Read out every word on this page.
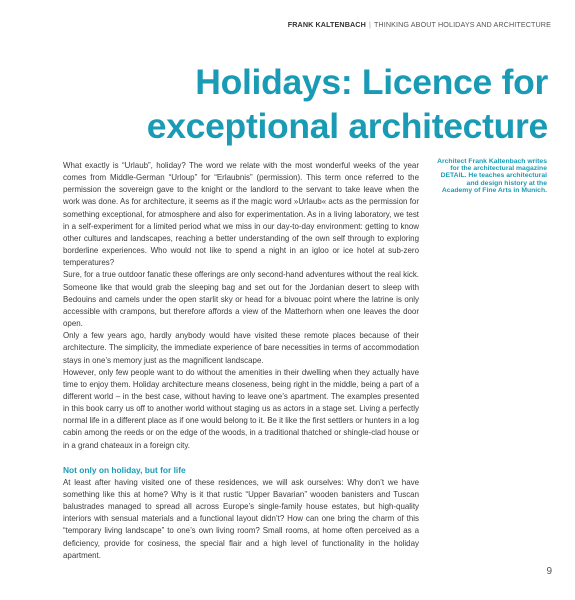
FRANK KALTENBACH | THINKING ABOUT HOLIDAYS AND ARCHITECTURE
Holidays: Licence for
exceptional architecture
Architect Frank Kaltenbach writes for the architectural magazine DETAIL. He teaches architectural and design history at the Academy of Fine Arts in Munich.

What exactly is “Urlaub”, holiday? The word we relate with the most wonderful weeks of the year comes from Middle-German “Urloup” for “Erlaubnis” (permission). This term once referred to the permission the sovereign gave to the knight or the landlord to the servant to take leave when the work was done. As for architecture, it seems as if the magic word »Urlaub« acts as the permission for something exceptional, for atmosphere and also for experimentation. As in a living laboratory, we test in a self-experiment for a limited period what we miss in our day-to-day environment: getting to know other cultures and landscapes, reaching a better understanding of the own self through to exploring borderline experiences. Who would not like to spend a night in an igloo or ice hotel at sub-zero temperatures?

Sure, for a true outdoor fanatic these offerings are only second-hand adventures without the real kick. Someone like that would grab the sleeping bag and set out for the Jordanian desert to sleep with Bedouins and camels under the open starlit sky or head for a bivouac point where the latrine is only accessible with crampons, but therefore affords a view of the Matterhorn when one leaves the door open.

Only a few years ago, hardly anybody would have visited these remote places because of their architecture. The simplicity, the immediate experience of bare necessities in terms of accommodation stays in one’s memory just as the magnificent landscape.

However, only few people want to do without the amenities in their dwelling when they actually have time to enjoy them. Holiday architecture means closeness, being right in the middle, being a part of a different world – in the best case, without having to leave one’s apartment. The examples presented in this book carry us off to another world without staging us as actors in a stage set. Living a perfectly normal life in a different place as if one would belong to it. Be it like the first settlers or hunters in a log cabin among the reeds or on the edge of the woods, in a traditional thatched or shingle-clad house or in a grand chateaux in a foreign city.

Not only on holiday, but for life

At least after having visited one of these residences, we will ask ourselves: Why don’t we have something like this at home? Why is it that rustic “Upper Bavarian” wooden banisters and Tuscan balustrades managed to spread all across Europe’s single-family house estates, but high-quality interiors with sensual materials and a functional layout didn’t? How can one bring the charm of this “temporary living landscape” to one’s own living room? Small rooms, at home often perceived as a deficiency, provide for cosiness, the special flair and a high level of functionality in the holiday apartment.

9
